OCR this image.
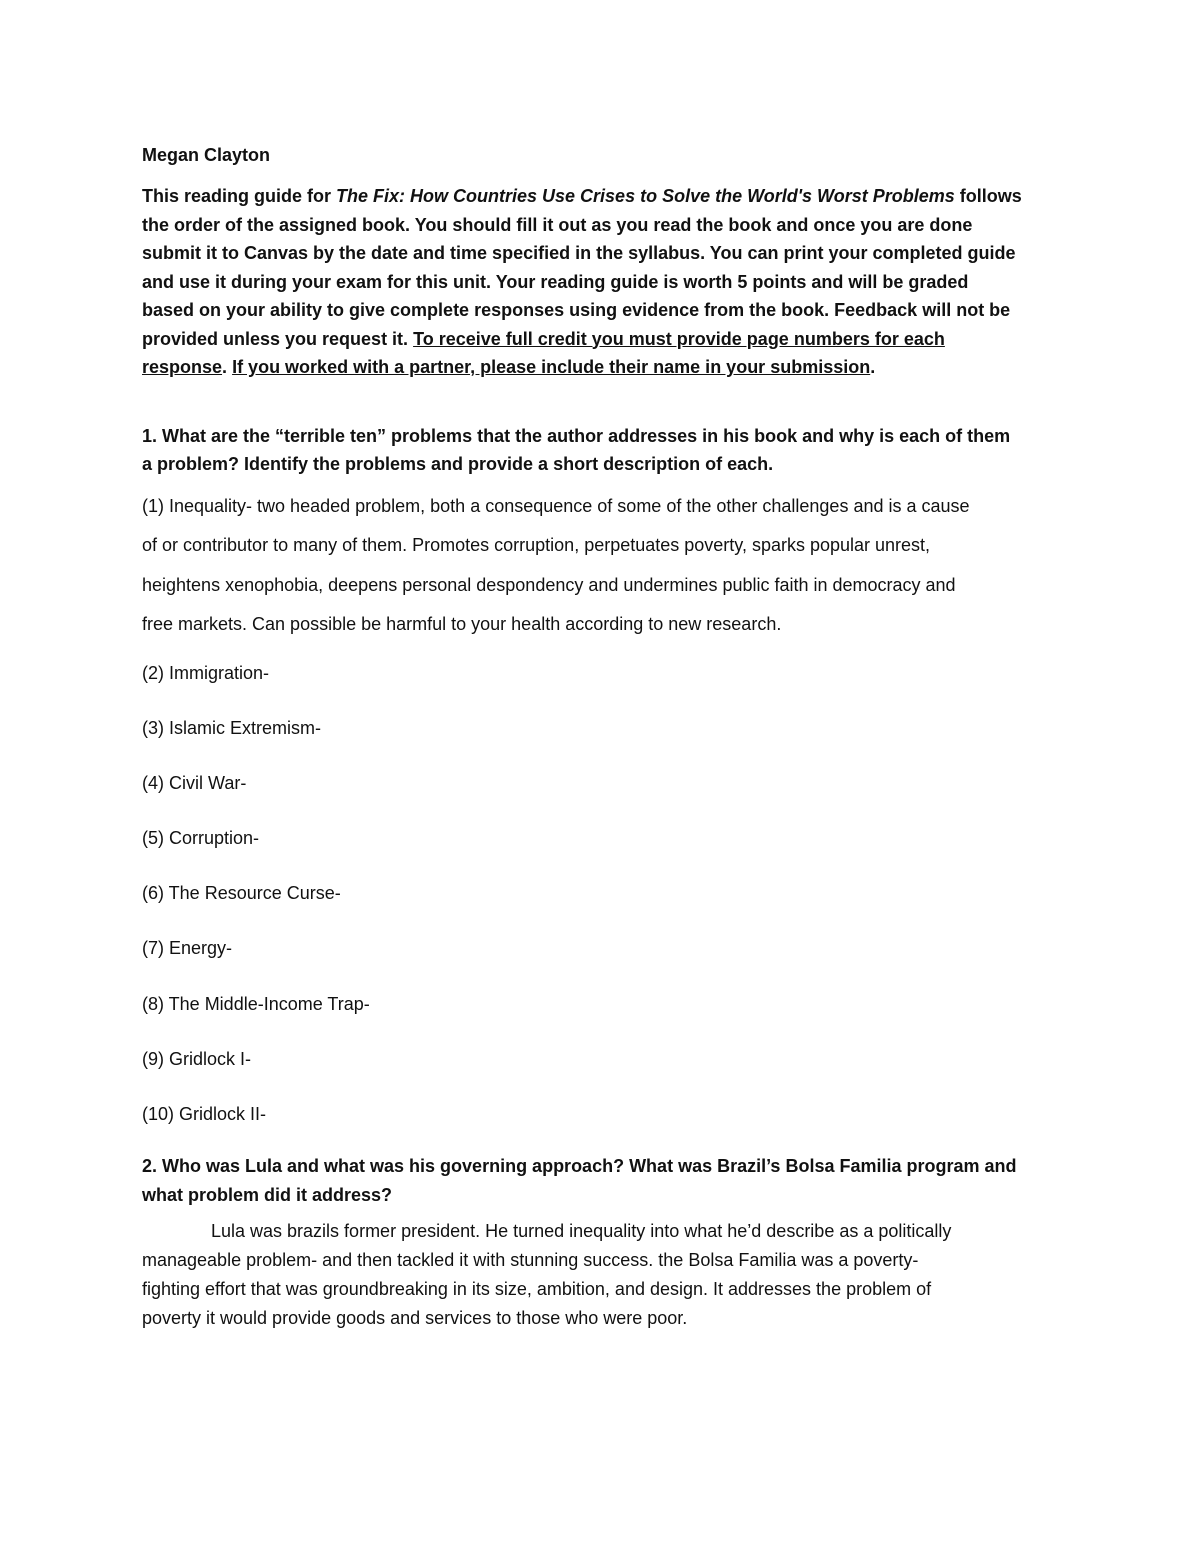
Megan Clayton

This reading guide for The Fix: How Countries Use Crises to Solve the World's Worst Problems follows

the order of the assigned book. You should fill it out as you read the book and once you are done

submit it to Canvas by the date and time specified in the syllabus. You can print your completed guide

and use it during your exam for this unit. Your reading guide is worth 5 points and will be graded

based on your ability to give complete responses using evidence from the book. Feedback will not be

provided unless you request it. To receive full credit you must provide page numbers for each

response. If you worked with a partner, please include their name in your submission.

1. What are the “terrible ten” problems that the author addresses in his book and why is each of them

a problem? Identify the problems and provide a short description of each.

(1) Inequality- two headed problem, both a consequence of some of the other challenges and is a cause

of or contributor to many of them. Promotes corruption, perpetuates poverty, sparks popular unrest,

heightens xenophobia, deepens personal despondency and undermines public faith in democracy and

free markets. Can possible be harmful to your health according to new research.

(2) Immigration-

(3) Islamic Extremism-

(4) Civil War-

(5) Corruption-

(6) The Resource Curse-

(7) Energy-

(8) The Middle-Income Trap-

(9) Gridlock I-

(10) Gridlock II-

2. Who was Lula and what was his governing approach? What was Brazil’s Bolsa Familia program and

what problem did it address?

Lula was brazils former president. He turned inequality into what he’d describe as a politically

manageable problem- and then tackled it with stunning success. the Bolsa Familia was a poverty-

fighting effort that was groundbreaking in its size, ambition, and design. It addresses the problem of

poverty it would provide goods and services to those who were poor.
